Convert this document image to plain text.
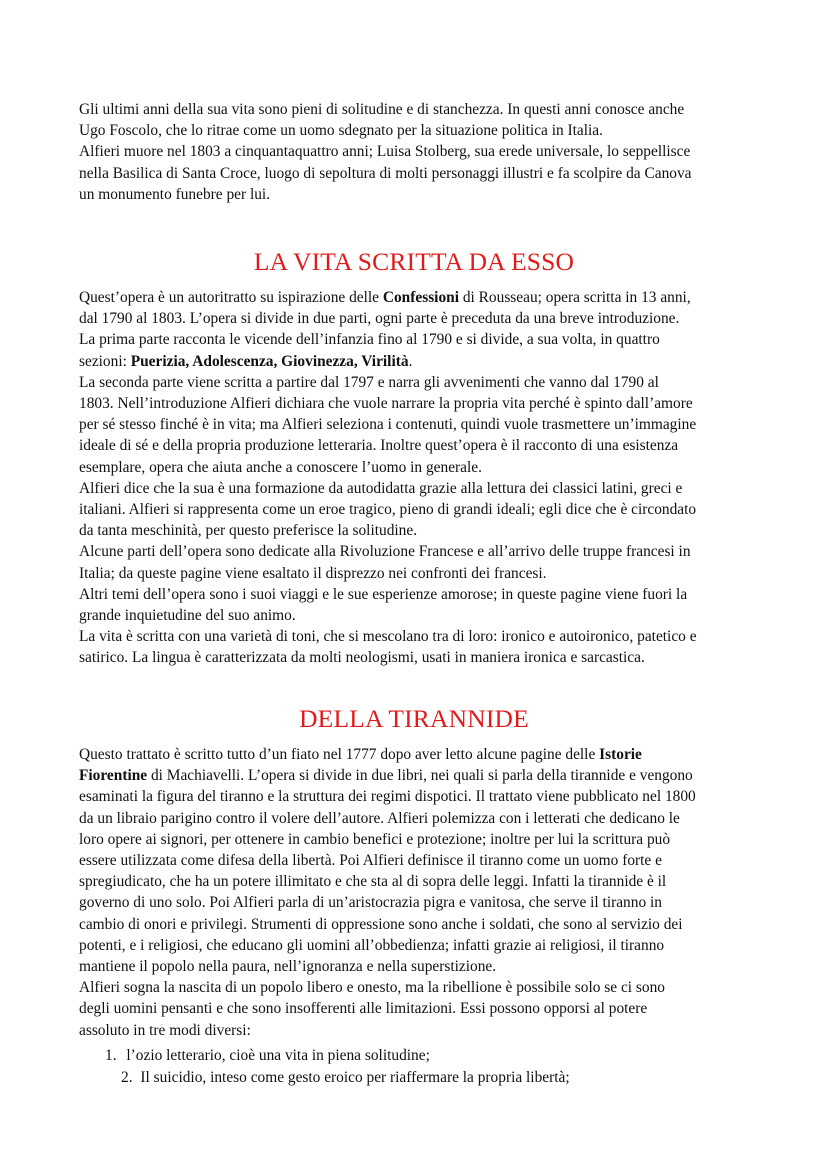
Gli ultimi anni della sua vita sono pieni di solitudine e di stanchezza. In questi anni conosce anche
Ugo Foscolo, che lo ritrae come un uomo sdegnato per la situazione politica in Italia.
Alfieri muore nel 1803 a cinquantaquattro anni; Luisa Stolberg, sua erede universale, lo seppellisce
nella Basilica di Santa Croce, luogo di sepoltura di molti personaggi illustri e fa scolpire da Canova
un monumento funebre per lui.
LA VITA SCRITTA DA ESSO
Quest’opera è un autoritratto su ispirazione delle Confessioni di Rousseau; opera scritta in 13 anni,
dal 1790 al 1803. L’opera si divide in due parti, ogni parte è preceduta da una breve introduzione.
La prima parte racconta le vicende dell’infanzia fino al 1790 e si divide, a sua volta, in quattro
sezioni: Puerizia, Adolescenza, Giovinezza, Virilità.
La seconda parte viene scritta a partire dal 1797 e narra gli avvenimenti che vanno dal 1790 al
1803. Nell’introduzione Alfieri dichiara che vuole narrare la propria vita perché è spinto dall’amore
per sé stesso finché è in vita; ma Alfieri seleziona i contenuti, quindi vuole trasmettere un’immagine
ideale di sé e della propria produzione letteraria. Inoltre quest’opera è il racconto di una esistenza
esemplare, opera che aiuta anche a conoscere l’uomo in generale.
Alfieri dice che la sua è una formazione da autodidatta grazie alla lettura dei classici latini, greci e
italiani. Alfieri si rappresenta come un eroe tragico, pieno di grandi ideali; egli dice che è circondato
da tanta meschinità, per questo preferisce la solitudine.
Alcune parti dell’opera sono dedicate alla Rivoluzione Francese e all’arrivo delle truppe francesi in
Italia; da queste pagine viene esaltato il disprezzo nei confronti dei francesi.
Altri temi dell’opera sono i suoi viaggi e le sue esperienze amorose; in queste pagine viene fuori la
grande inquietudine del suo animo.
La vita è scritta con una varietà di toni, che si mescolano tra di loro: ironico e autoironico, patetico e
satirico. La lingua è caratterizzata da molti neologismi, usati in maniera ironica e sarcastica.
DELLA TIRANNIDE
Questo trattato è scritto tutto d’un fiato nel 1777 dopo aver letto alcune pagine delle Istorie
Fiorentine di Machiavelli. L’opera si divide in due libri, nei quali si parla della tirannide e vengono
esaminati la figura del tiranno e la struttura dei regimi dispotici. Il trattato viene pubblicato nel 1800
da un libraio parigino contro il volere dell’autore. Alfieri polemizza con i letterati che dedicano le
loro opere ai signori, per ottenere in cambio benefici e protezione; inoltre per lui la scrittura può
essere utilizzata come difesa della libertà. Poi Alfieri definisce il tiranno come un uomo forte e
spregiudicato, che ha un potere illimitato e che sta al di sopra delle leggi. Infatti la tirannide è il
governo di uno solo. Poi Alfieri parla di un’aristocrazia pigra e vanitosa, che serve il tiranno in
cambio di onori e privilegi. Strumenti di oppressione sono anche i soldati, che sono al servizio dei
potenti, e i religiosi, che educano gli uomini all’obbedienza; infatti grazie ai religiosi, il tiranno
mantiene il popolo nella paura, nell’ignoranza e nella superstizione.
Alfieri sogna la nascita di un popolo libero e onesto, ma la ribellione è possibile solo se ci sono
degli uomini pensanti e che sono insofferenti alle limitazioni. Essi possono opporsi al potere
assoluto in tre modi diversi:
1. l’ozio letterario, cioè una vita in piena solitudine;
2. Il suicidio, inteso come gesto eroico per riaffermare la propria libertà;
